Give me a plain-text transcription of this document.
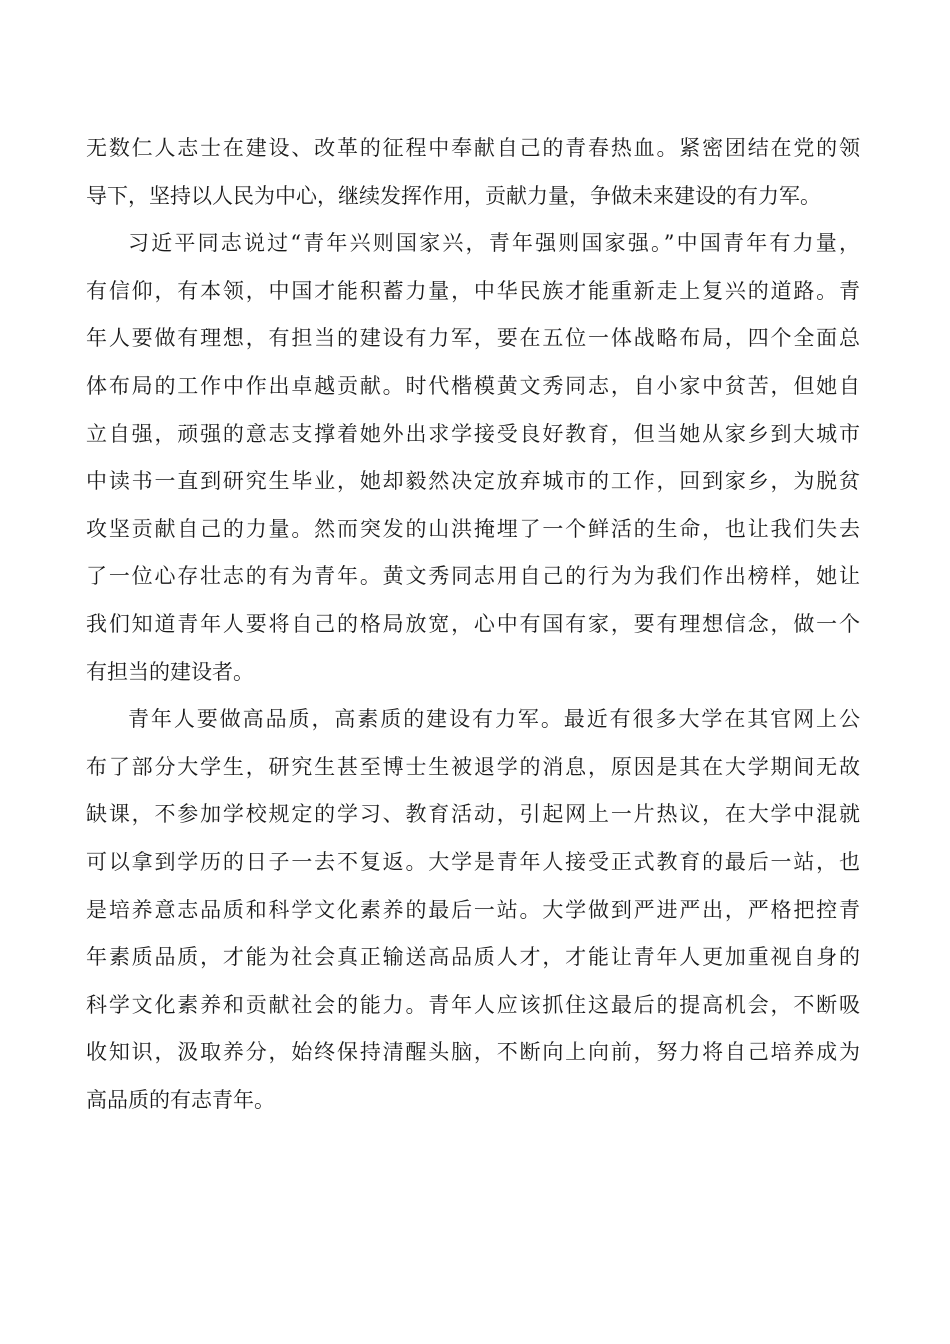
无数仁人志士在建设、改革的征程中奉献自己的青春热血。紧密团结在党的领
导下，坚持以人民为中心，继续发挥作用，贡献力量，争做未来建设的有力军。
习近平同志说过“青年兴则国家兴，青年强则国家强。”中国青年有力量，
有信仰，有本领，中国才能积蓄力量，中华民族才能重新走上复兴的道路。青
年人要做有理想，有担当的建设有力军，要在五位一体战略布局，四个全面总
体布局的工作中作出卓越贡献。时代楷模黄文秀同志，自小家中贫苦，但她自
立自强，顽强的意志支撑着她外出求学接受良好教育，但当她从家乡到大城市
中读书一直到研究生毕业，她却毅然决定放弃城市的工作，回到家乡，为脱贫
攻坚贡献自己的力量。然而突发的山洪掩埋了一个鲜活的生命，也让我们失去
了一位心存壮志的有为青年。黄文秀同志用自己的行为为我们作出榜样，她让
我们知道青年人要将自己的格局放宽，心中有国有家，要有理想信念，做一个
有担当的建设者。
青年人要做高品质，高素质的建设有力军。最近有很多大学在其官网上公
布了部分大学生，研究生甚至博士生被退学的消息，原因是其在大学期间无故
缺课，不参加学校规定的学习、教育活动，引起网上一片热议，在大学中混就
可以拿到学历的日子一去不复返。大学是青年人接受正式教育的最后一站，也
是培养意志品质和科学文化素养的最后一站。大学做到严进严出，严格把控青
年素质品质，才能为社会真正输送高品质人才，才能让青年人更加重视自身的
科学文化素养和贡献社会的能力。青年人应该抓住这最后的提高机会，不断吸
收知识，汲取养分，始终保持清醒头脑，不断向上向前，努力将自己培养成为
高品质的有志青年。
